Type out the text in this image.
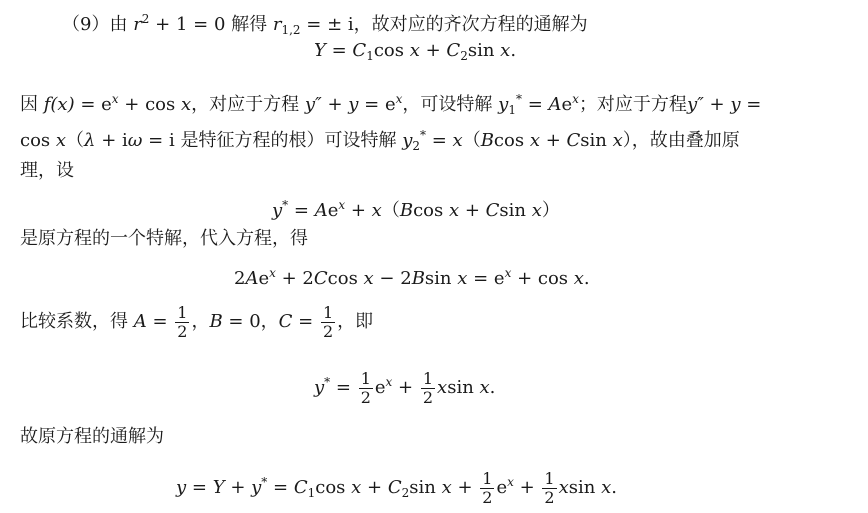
（9）由 $r^2 + 1 = 0$ 解得 $r_{1,2}$ = ± i，故对应的齐次方程的通解为
$Y = C_1\cos$ $x + C_2\sin$ x.
因 $f(x) = e^x + \cos x$，对应于方程 $y'' + y = e^x$，可设特解 $y_1^* = Ae^x$；对应于方程y″ + y =
cos x（λ + iω = i 是特征方程的根）可设特解 $y_2^* = x(Bcos$ x + Csin x），故由叠加原
理，设
$y^* = Ae^x + x(Bcos$ x + Csin x）
是原方程的一个特解，代入方程，得
$2Ae^x + 2Ccos$ x − 2Bsin $x = e^x + \cos x$.
比较系数，得 $A = \frac{1}{2}$ ，B = 0，$C = \frac{1}{2}$ ，即
$y^* = \frac{1}{2} e^x + \frac{1}{2}$ xsin x.
故原方程的通解为
$y = Y + y^* = C_1\cos$ $x + C_2\sin$ $x + \frac{1}{2} e^x + \frac{1}{2}$ xsin x.
